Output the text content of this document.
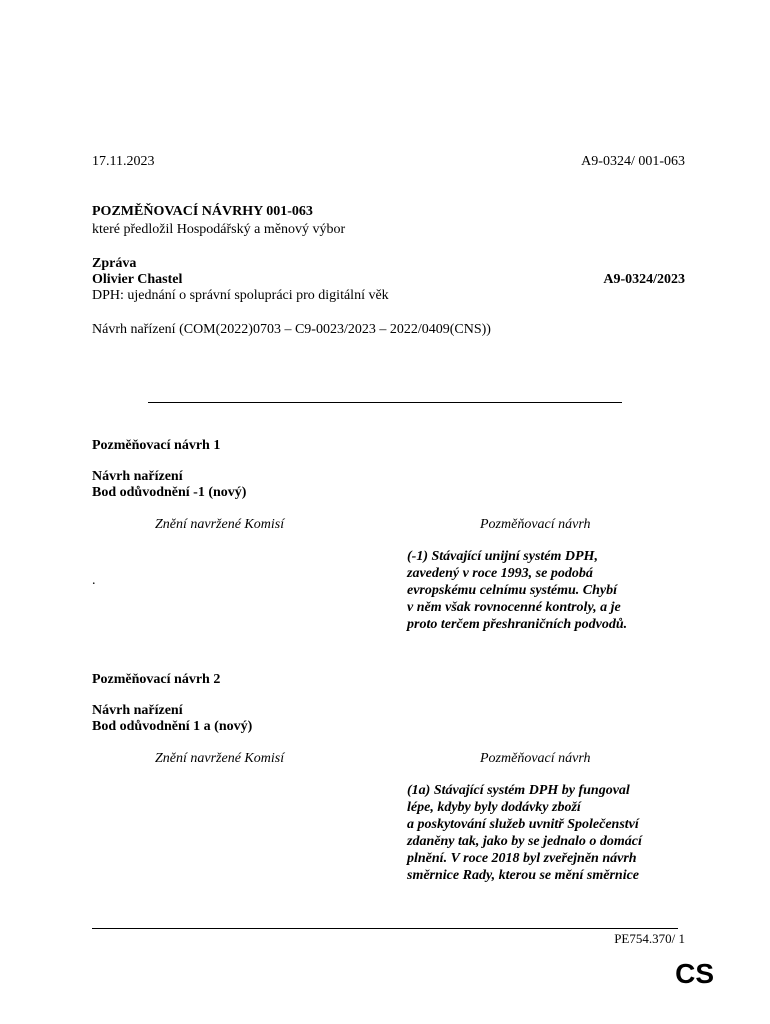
17.11.2023	A9-0324/ 001-063
POZMĚŇOVACÍ NÁVRHY 001-063
které předložil Hospodářský a měnový výbor
Zpráva
Olivier Chastel	A9-0324/2023
DPH: ujednání o správní spolupráci pro digitální věk
Návrh nařízení (COM(2022)0703 – C9-0023/2023 – 2022/0409(CNS))
Pozměňovací návrh 1
Návrh nařízení
Bod odůvodnění -1 (nový)
Znění navržené Komisí	Pozměňovací návrh
.
(-1) Stávající unijní systém DPH,
zavedený v roce 1993, se podobá
evropskému celnímu systému. Chybí
v něm však rovnocenné kontroly, a je
proto terčem přeshraničních podvodů.
Pozměňovací návrh 2
Návrh nařízení
Bod odůvodnění 1 a (nový)
Znění navržené Komisí	Pozměňovací návrh
(1a) Stávající systém DPH by fungoval
lépe, kdyby byly dodávky zboží
a poskytování služeb uvnitř Společenství
zdaněny tak, jako by se jednalo o domácí
plnění. V roce 2018 byl zveřejněn návrh
směrnice Rady, kterou se mění směrnice
PE754.370/ 1
CS
